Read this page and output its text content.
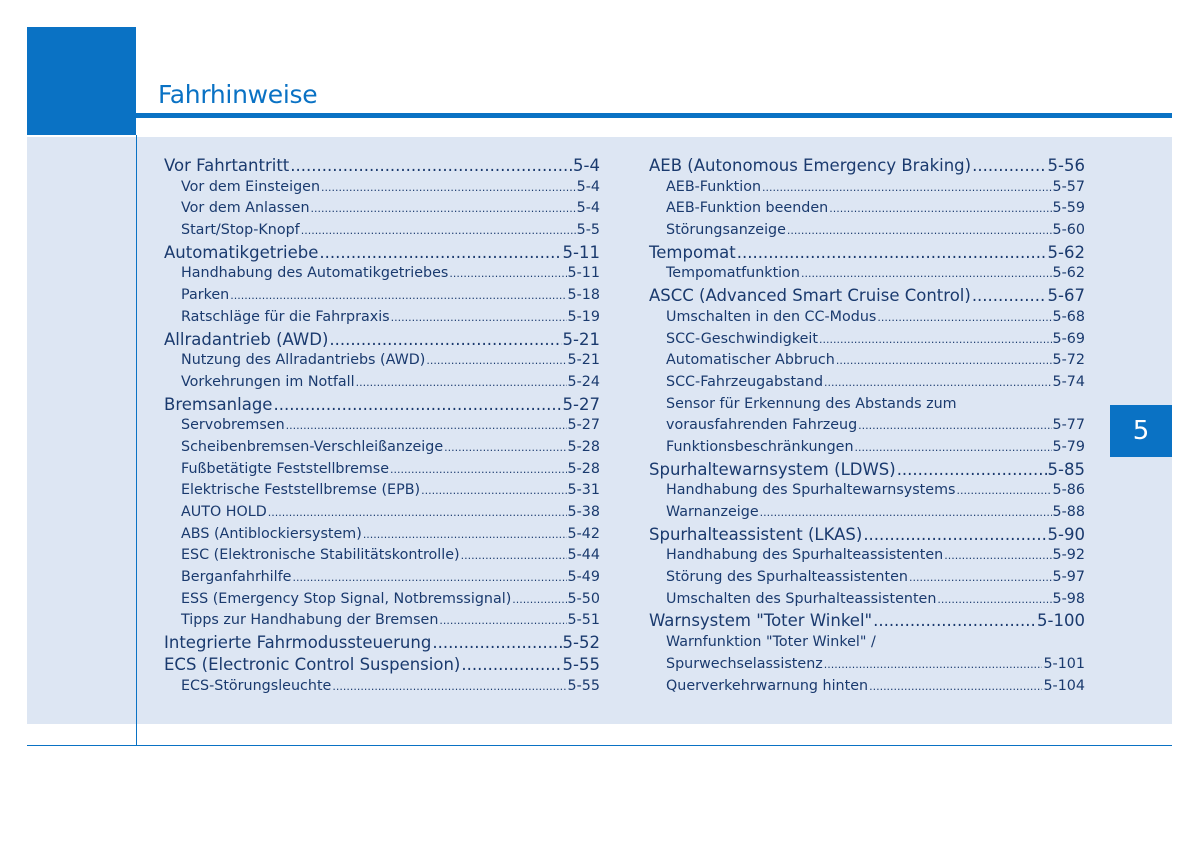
Fahrhinweise
5
Vor Fahrtantritt .....	5-4
Vor dem Einsteigen .....	5-4
Vor dem Anlassen .....	5-4
Start/Stop-Knopf .....	5-5
Automatikgetriebe .....	5-11
Handhabung des Automatikgetriebes .....	5-11
Parken .....	5-18
Ratschläge für die Fahrpraxis .....	5-19
Allradantrieb (AWD) .....	5-21
Nutzung des Allradantriebs (AWD) .....	5-21
Vorkehrungen im Notfall .....	5-24
Bremsanlage .....	5-27
Servobremsen .....	5-27
Scheibenbremsen-Verschleißanzeige .....	5-28
Fußbetätigte Feststellbremse .....	5-28
Elektrische Feststellbremse (EPB) .....	5-31
AUTO HOLD .....	5-38
ABS (Antiblockiersystem) .....	5-42
ESC (Elektronische Stabilitätskontrolle) .....	5-44
Berganfahrhilfe .....	5-49
ESS (Emergency Stop Signal, Notbremssignal) .....	5-50
Tipps zur Handhabung der Bremsen .....	5-51
Integrierte Fahrmodussteuerung .....	5-52
ECS (Electronic Control Suspension) .....	5-55
ECS-Störungsleuchte .....	5-55
AEB (Autonomous Emergency Braking) .....	5-56
AEB-Funktion .....	5-57
AEB-Funktion beenden .....	5-59
Störungsanzeige .....	5-60
Tempomat .....	5-62
Tempomatfunktion .....	5-62
ASCC (Advanced Smart Cruise Control) .....	5-67
Umschalten in den CC-Modus .....	5-68
SCC-Geschwindigkeit .....	5-69
Automatischer Abbruch .....	5-72
SCC-Fahrzeugabstand .....	5-74
Sensor für Erkennung des Abstands zum
vorausfahrenden Fahrzeug .....	5-77
Funktionsbeschränkungen .....	5-79
Spurhaltewarnsystem (LDWS) .....	5-85
Handhabung des Spurhaltewarnsystems .....	5-86
Warnanzeige .....	5-88
Spurhalteassistent (LKAS) .....	5-90
Handhabung des Spurhalteassistenten .....	5-92
Störung des Spurhalteassistenten .....	5-97
Umschalten des Spurhalteassistenten .....	5-98
Warnsystem "Toter Winkel" .....	5-100
Warnfunktion "Toter Winkel" /
Spurwechselassistenz .....	5-101
Querverkehrwarnung hinten .....	5-104
